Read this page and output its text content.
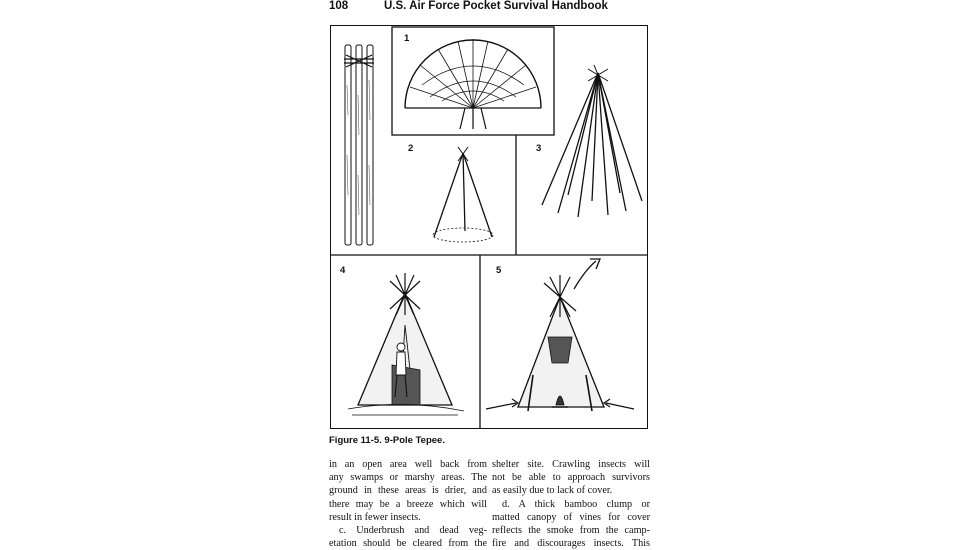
108	U.S. Air Force Pocket Survival Handbook
1
2	3
4	5
Figure 11-5. 9-Pole Tepee.
in an open area well back from
any swamps or marshy areas. The
ground in these areas is drier, and
there may be a breeze which will
result in fewer insects.
c. Underbrush and dead veg-
etation should be cleared from the
shelter site. Crawling insects will
not be able to approach survivors
as easily due to lack of cover.
d. A thick bamboo clump or
matted canopy of vines for cover
reflects the smoke from the camp-
fire and discourages insects. This
